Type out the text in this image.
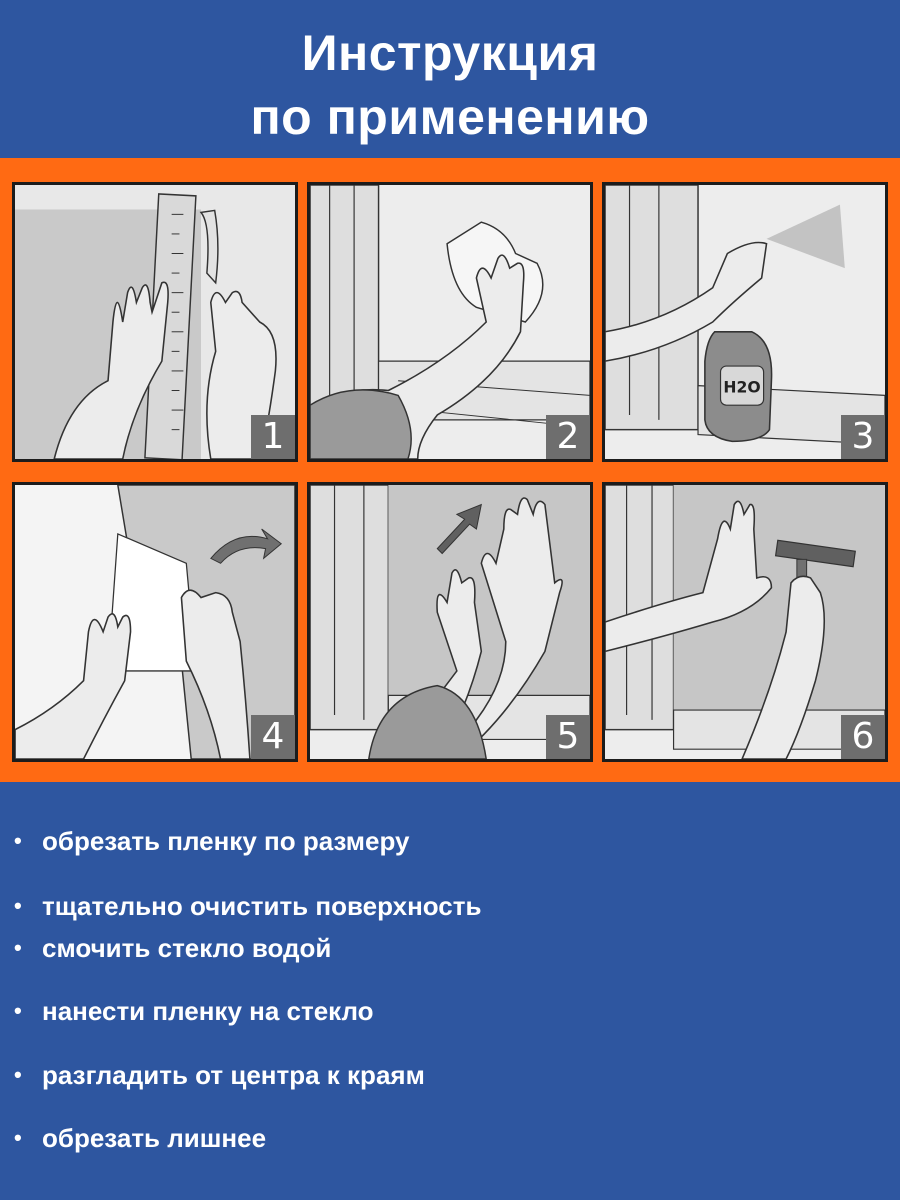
Инструкция
по применению
1	2
H2O
3
4	5	6
• обрезать пленку по размеру
• тщательно очистить поверхность
• смочить стекло водой
• нанести пленку на стекло
• разгладить от центра к краям
• обрезать лишнее
